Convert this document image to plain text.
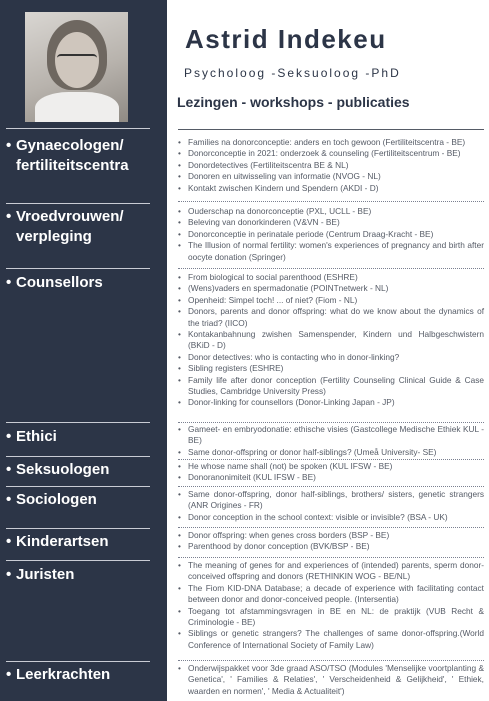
• Gynaecologen/ fertiliteitscentra
• Vroedvrouwen/ verpleging
• Counsellors
• Ethici
• Seksuologen
• Sociologen
• Kinderartsen
• Juristen
• Leerkrachten
Astrid Indekeu
Psycholoog -Seksuoloog -PhD
Lezingen - workshops - publicaties
• Families na donorconceptie: anders en toch gewoon (Fertiliteitscentra - BE)
• Donorconceptie in 2021: onderzoek & counseling (Fertiliteitscentrum - BE)
• Donordetectives (Fertiliteitscentra BE & NL)
• Donoren en uitwisseling van informatie (NVOG - NL)
• Kontakt zwischen Kindern und Spendern (AKDI - D)
• Ouderschap na donorconceptie (PXL, UCLL - BE)
• Beleving van donorkinderen (V&VN - BE)
• Donorconceptie in perinatale periode (Centrum Draag-Kracht - BE)
• The Illusion of normal fertility: women's experiences of pregnancy and birth after oocyte donation (Springer)
• From biological to social parenthood (ESHRE)
• (Wens)vaders en spermadonatie (POINTnetwerk - NL)
• Openheid: Simpel toch! ... of niet? (Fiom - NL)
• Donors, parents and donor offspring: what do we know about the dynamics of the triad? (IICO)
• Kontakanbahnung zwishen Samenspender, Kindern und Halbgeschwistern (BKiD - D)
• Donor detectives: who is contacting who in donor-linking?
• Sibling registers (ESHRE)
• Family life after donor conception (Fertility Counseling Clinical Guide & Case Studies, Cambridge University Press)
• Donor-linking for counsellors (Donor-Linking Japan - JP)
• Gameet- en embryodonatie: ethische visies (Gastcollege Medische Ethiek KUL - BE)
• Same donor-offspring or donor half-siblings? (Umeå University- SE)
• He whose name shall (not) be spoken (KUL IFSW - BE)
• Donoranonimiteit (KUL IFSW - BE)
• Same donor-offspring, donor half-siblings, brothers/ sisters, genetic strangers (ANR Origines - FR)
• Donor conception in the school context: visible or invisible? (BSA - UK)
• Donor offspring: when genes cross borders (BSP - BE)
• Parenthood by donor conception (BVK/BSP - BE)
• The meaning of genes for and experiences of (intended) parents, sperm donor-conceived offspring and donors (RETHINKIN WOG - BE/NL)
• The Fiom KID-DNA Database; a decade of experience with facilitating contact between donor and donor-conceived people. (Intersentia)
• Toegang tot afstammingsvragen in BE en NL: de praktijk (VUB Recht & Criminologie - BE)
• Siblings or genetic strangers? The challenges of same donor-offspring.(World Conference of International Society of Family Law)
• Onderwijspakket voor 3de graad ASO/TSO (Modules 'Menselijke voortplanting & Genetica', ' Families & Relaties', ' Verscheidenheid & Gelijkheid', ' Ethiek, waarden en normen', ' Media & Actualiteit')
